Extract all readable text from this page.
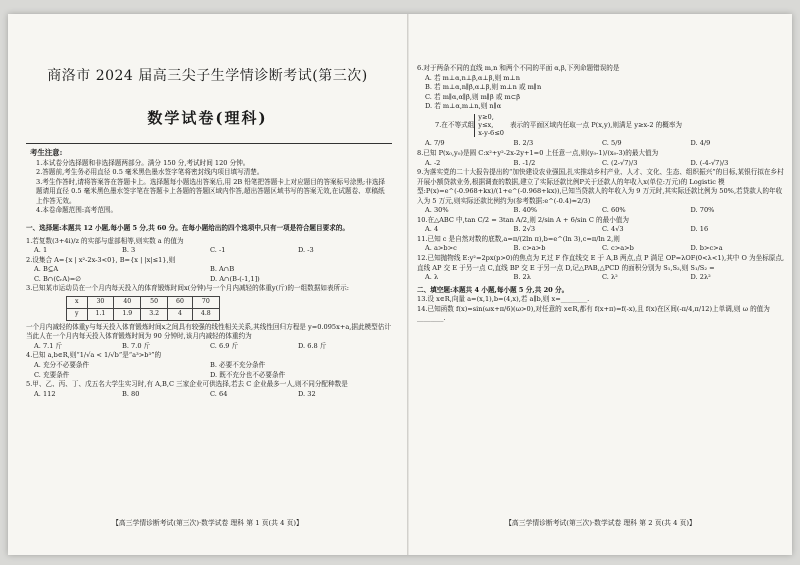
商洛市 2024 届高三尖子生学情诊断考试(第三次)
数学试卷(理科)
考生注意:

1.本试卷分选择题和非选择题两部分。满分 150 分,考试时间 120 分钟。

2.答题前,考生务必用直径 0.5 毫米黑色墨水签字笔将密封线内项目填写清楚。

3.考生作答时,请将答案答在答题卡上。选择题每小题选出答案后,用 2B 铅笔把答题卡上对应题目的答案标号涂黑;非选择题请用直径 0.5 毫米黑色墨水签字笔在答题卡上各题的答题区域内作答,超出答题区域书写的答案无效,在试题卷、草稿纸上作答无效。

4.本卷命题范围:高考范围。

一、选择题:本题共 12 小题,每小题 5 分,共 60 分。在每小题给出的四个选项中,只有一项是符合题目要求的。

1.若复数(3+4i)/z 的实部与虚部相等,则实数 a 的值为

A. 1	B. 3	C. -1	D. -3

2.设集合 A={x | x²-2x-3<0}, B={x | |x|≤1},则

A. B⊆A	B. A∩B
C. B∩(∁ᵣA)=∅	D. A∩(B-(-1,1])

3.已知某市运动员在一个月内每天投入的体育锻炼时间x(分钟)与一个月内减轻的体重y(斤)的一组数据如表所示:

x	30	40	50	60	70
y	1.1	1.9	3.2	4	4.8

一个月内减轻的体重y与每天投入体育锻炼时间x之间具有较强的线性相关关系,其线性回归方程是 y=0.095x+a,据此模型估计当此人在一个月内每天投入体育锻炼时间为 90 分钟时,该月内减轻的体重约为

A. 7.1 斤	B. 7.0 斤	C. 6.9 斤	D. 6.8 斤

4.已知 a,b∈R,则“1/√a < 1/√b”是“a³>b³”的

A. 充分不必要条件	B. 必要不充分条件
C. 充要条件	D. 既不充分也不必要条件

5.甲、乙、丙、丁、戊五名大学生实习时,有 A,B,C 三家企业可供选择,若去 C 企业最多一人,则不同分配种数是

A. 112	B. 80	C. 64	D. 32
【高三学情诊断考试(第三次)·数学试卷 理科 第 1 页(共 4 页)】

6.对于两条不同的直线 m,n 和两个不同的平面 α,β,下列命题错误的是

A. 若 m⊥α,n⊥β,α⊥β,则 m⊥n

B. 若 m⊥α,n∥β,α⊥β,则 m⊥n 或 m∥n

C. 若 m∥α,α∥β,则 m∥β 或 m⊂β

D. 若 m⊥α,m⊥n,则 n∥α

7.在不等式组
y≥0,
y≤x,
x-y-6≤0
表示的平面区域内任取一点 P(x,y),则满足 y≥x-2 的概率为
A. 7/9	B. 2/3	C. 5/9	D. 4/9

8.已知 P(x₀,y₀)是圆 C:x²+y²-2x-2y+1=0 上任意一点,则(y₀-1)/(x₀-3)的最大值为

A. -2	B. -1/2	C. (2-√7)/3	D. (-4-√7)/3

9.为落实党的二十大报告提出的“加快建设农业强国,扎实推动乡村产业、人才、文化、生态、组织振兴”的目标,某银行拟在乡村开展小额贷款业务,根据调查的数据,建立了实际还款比例P关于还款人的年收入x(单位:万元)的 Logistic 模型:P(x)=e^(-0.968+kx)/(1+e^(-0.968+kx)),已知当贷款人的年收入为 9 万元时,其实际还款比例为 50%,若贷款人的年收入为 5 万元,则实际还款比例约为(参考数据:e^(-0.4)≈2/3)

A. 30%	B. 40%	C. 60%	D. 70%

10.在△ABC 中,tan C/2 = 3tan A/2,则 2/sin A + 6/sin C 的最小值为

A. 4	B. 2√3	C. 4√3	D. 16

11.已知 c 是自然对数的底数,a=π/(2ln π),b=e^(ln 3),c=π/ln 2,则

A. a>b>c	B. c>a>b	C. c>a>b	D. b>c>a

12.已知抛物线 E:y²=2px(p>0)的焦点为 F,过 F 作直线交 E 于 A,B 两点,点 P 满足 OP=λOF(0<λ<1),其中 O 为坐标原点,直线 AP 交 E 于另一点 C,直线 BP 交 E 于另一点 D,记△PAB,△PCD 的面积分别为 S₁,S₂,则 S₁/S₂ =

A. λ	B. 2λ	C. λ²	D. 2λ²

二、填空题:本题共 4 小题,每小题 5 分,共 20 分。

13.设 x∈R,向量 a=(x,1),b=(4,x),若 a∥b,则 x=________.

14.已知函数 f(x)=sin(ωx+π/6)(ω>0),对任意的 x∈R,都有 f(x+π)=f(-x),且 f(x)在区间(-π/4,π/12)上单调,则 ω 的值为________.

【高三学情诊断考试(第三次)·数学试卷 理科 第 2 页(共 4 页)】
